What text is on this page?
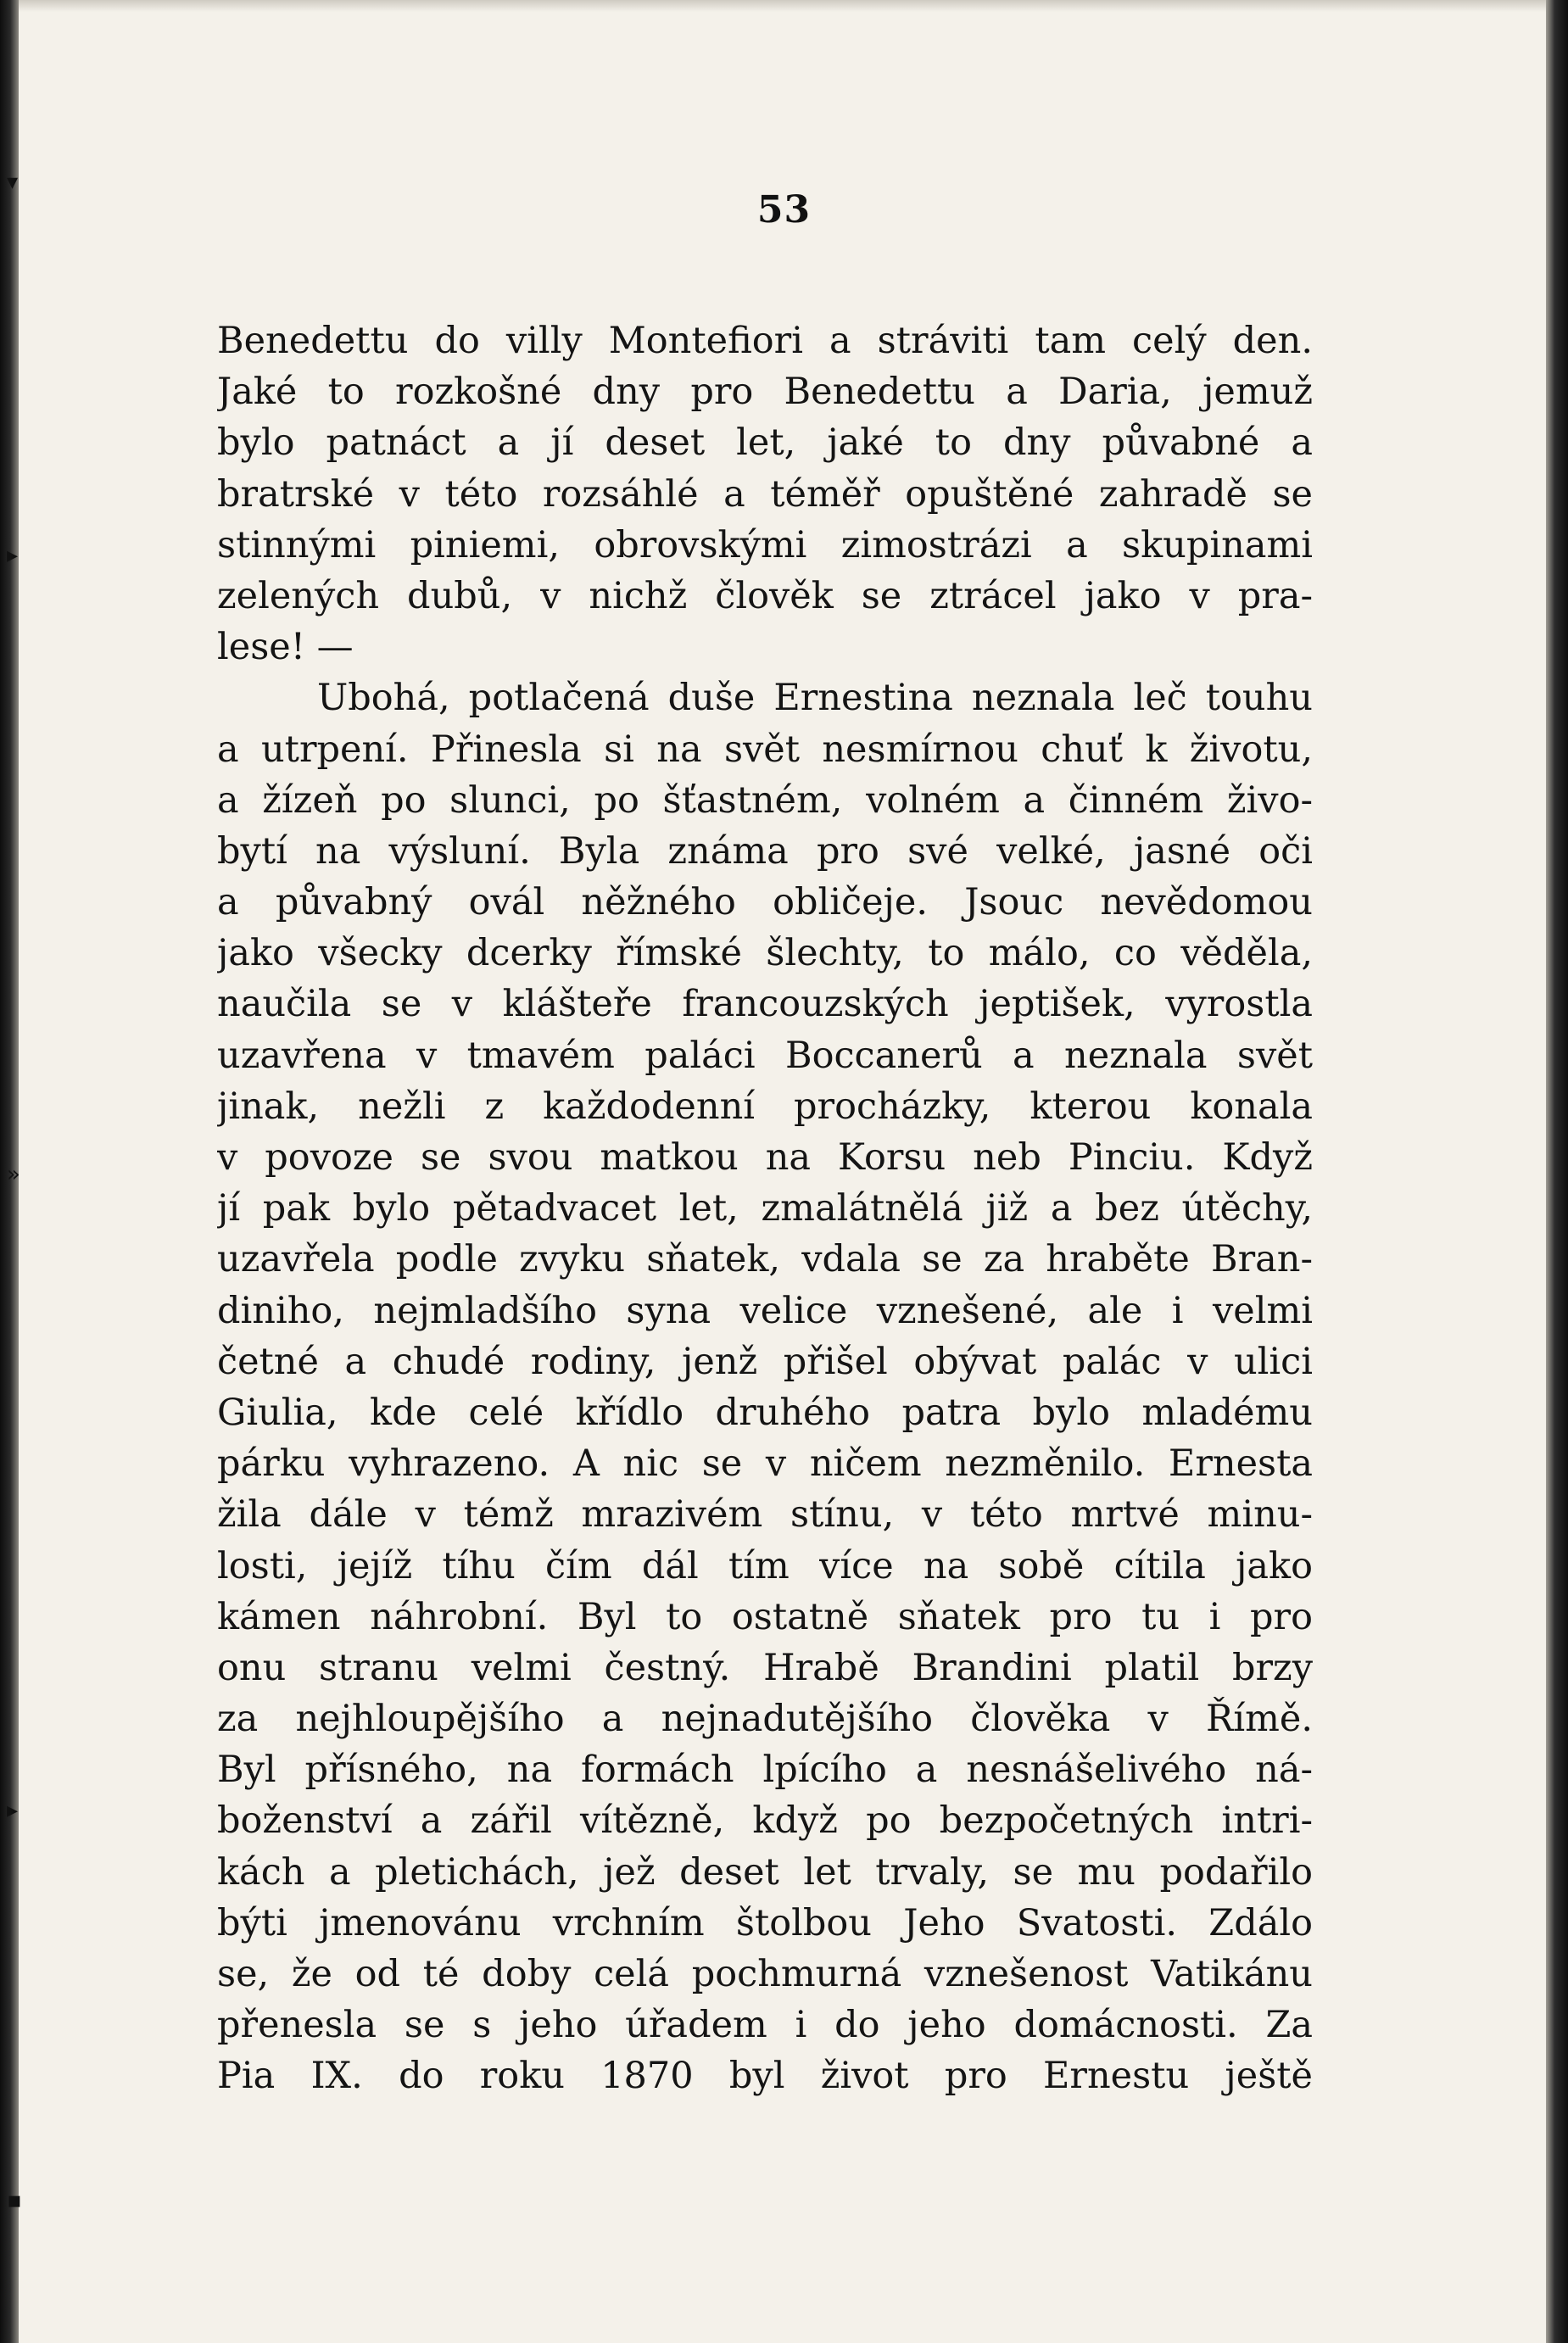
▾
▸
»
▸
▪
53
Benedettu do villy Montefiori a stráviti tam celý den.
Jaké to rozkošné dny pro Benedettu a Daria, jemuž
bylo patnáct a jí deset let, jaké to dny půvabné a
bratrské v této rozsáhlé a téměř opuštěné zahradě se
stinnými piniemi, obrovskými zimostrázi a skupinami
zelených dubů, v nichž člověk se ztrácel jako v pra-
lese! —
Ubohá, potlačená duše Ernestina neznala leč touhu
a utrpení. Přinesla si na svět nesmírnou chuť k životu,
a žízeň po slunci, po šťastném, volném a činném živo-
bytí na výsluní. Byla známa pro své velké, jasné oči
a půvabný ovál něžného obličeje. Jsouc nevědomou
jako všecky dcerky římské šlechty, to málo, co věděla,
naučila se v klášteře francouzských jeptišek, vyrostla
uzavřena v tmavém paláci Boccanerů a neznala svět
jinak, nežli z každodenní procházky, kterou konala
v povoze se svou matkou na Korsu neb Pinciu. Když
jí pak bylo pětadvacet let, zmalátnělá již a bez útěchy,
uzavřela podle zvyku sňatek, vdala se za hraběte Bran-
diniho, nejmladšího syna velice vznešené, ale i velmi
četné a chudé rodiny, jenž přišel obývat palác v ulici
Giulia, kde celé křídlo druhého patra bylo mladému
párku vyhrazeno. A nic se v ničem nezměnilo. Ernesta
žila dále v témž mrazivém stínu, v této mrtvé minu-
losti, jejíž tíhu čím dál tím více na sobě cítila jako
kámen náhrobní. Byl to ostatně sňatek pro tu i pro
onu stranu velmi čestný. Hrabě Brandini platil brzy
za nejhloupějšího a nejnadutějšího člověka v Římě.
Byl přísného, na formách lpícího a nesnášelivého ná-
boženství a zářil vítězně, když po bezpočetných intri-
kách a pletichách, jež deset let trvaly, se mu podařilo
býti jmenovánu vrchním štolbou Jeho Svatosti. Zdálo
se, že od té doby celá pochmurná vznešenost Vatikánu
přenesla se s jeho úřadem i do jeho domácnosti. Za
Pia IX. do roku 1870 byl život pro Ernestu ještě
